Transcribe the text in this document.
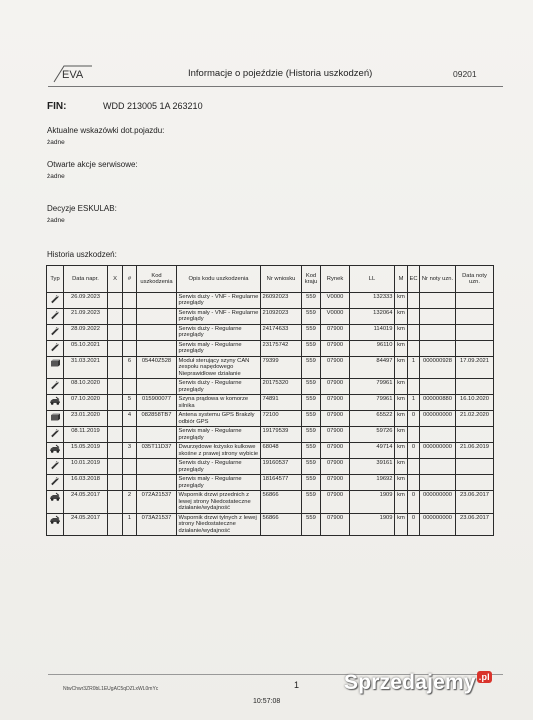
EVA	Informacje o pojeździe (Historia uszkodzeń)	09201
FIN:	WDD 213005 1A 263210
Aktualne wskazówki dot.pojazdu:
żadne
Otwarte akcje serwisowe:
żadne
Decyzje ESKULAB:
żadne
Historia uszkodzeń:
Typ	Data napr.	X	#	Kod uszkodzenia	Opis kodu uszkodzenia	Nr wniosku	Kod kraju	Rynek	LL	M	EC	Nr noty uzn.	Data noty uzn.
	26.09.2023				Serwis duży - VNF - Regularne przeglądy	26092023	559	V0000	132333	km			
	21.09.2023				Serwis mały - VNF - Regularne przeglądy	21092023	559	V0000	132064	km			
	28.09.2022				Serwis duży - Regularne przeglądy	24174633	559	07900	114019	km			
	05.10.2021				Serwis mały - Regularne przeglądy	23175742	559	07900	96110	km			
	31.03.2021		6	05440Z528	Moduł sterujący szyny CAN zespołu napędowego Nieprawidłowe działanie	79399	559	07900	84497	km	1	000000928	17.09.2021
	08.10.2020				Serwis duży - Regularne przeglądy	20175320	559	07900	79961	km			
	07.10.2020		5	015900077	Szyna prądowa w komorze silnika	74891	559	07900	79961	km	1	000000880	16.10.2020
	23.01.2020		4	082858TB7	Antena systemu GPS Brakzły odbiór GPS	72100	559	07900	65522	km	0	000000000	21.02.2020
	08.11.2019				Serwis mały - Regularne przeglądy	19179539	559	07900	59726	km			
	15.05.2019		3	035T11D37	Dwurzędowe łożysko kulkowe skośne z prawej strony wybicie	68048	559	07900	49714	km	0	000000000	21.06.2019
	10.01.2019				Serwis duży - Regularne przeglądy	19160537	559	07900	39161	km			
	16.03.2018				Serwis mały - Regularne przeglądy	18164577	559	07900	19692	km			
	24.05.2017		2	072A21537	Wspornik drzwi przednich z lewej strony Niedostateczne działanie/wydajność	56866	559	07900	1909	km	0	000000000	23.06.2017
	24.05.2017		1	073A21537	Wspornik drzwi tylnych z lewej strony Niedostateczne działanie/wydajność	56866	559	07900	1909	km	0	000000000	23.06.2017
NtwChwr3ZR0bL1EUgAC5qDZLxWL0mYc	1
10:57:08
Sprzedajemy .pl
